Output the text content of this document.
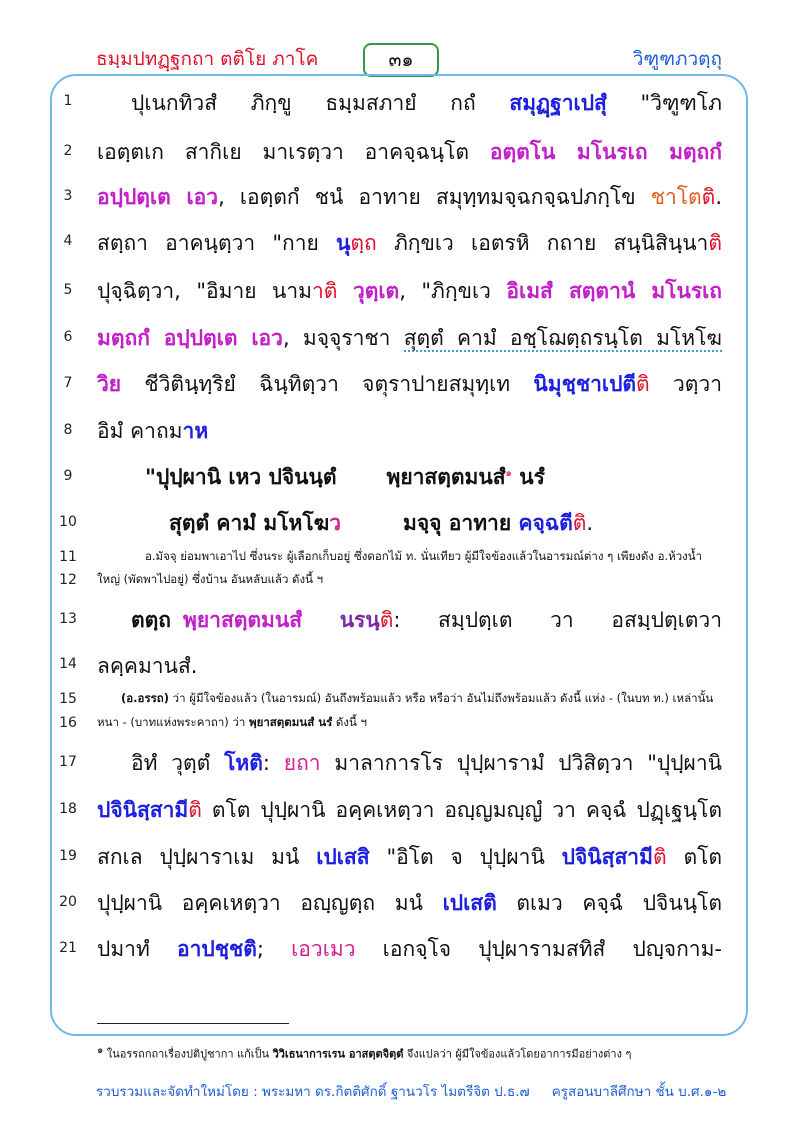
ธมฺมปทฏฺฐกถา ตติโย ภาโค	๓๑	วิฑูฑภวตฺถุ
1
2
3
4
5
6
7
8
9
10
11
12
13
14
15
16
17
18
19
20
21
ปุเนกทิวสํ ภิกฺขู ธมฺมสภายํ กถํ สมุฏฺฐาเปสุํ "วิฑูฑโภ
เอตฺตเก สากิเย มาเรตฺวา อาคจฺฉนฺโต อตฺตโน มโนรเถ มตฺถกํ
อปฺปตฺเต เอว, เอตฺตกํ ชนํ อาทาย สมุทฺทมจฺฉกจฺฉปภกฺโข ชาโตติ.
สตฺถา อาคนฺตฺวา "กาย นุตฺถ ภิกฺขเว เอตรหิ กถาย สนฺนิสินฺนาติ
ปุจฺฉิตฺวา, "อิมาย นามาติ วุตฺเต, "ภิกฺขเว อิเมสํ สตฺตานํ มโนรเถ
มตฺถกํ อปฺปตฺเต เอว, มจฺจุราชา สุตฺตํ คามํ อชฺโฌตฺถรนฺโต มโหโฆ
วิย ชีวิตินฺทฺริยํ ฉินฺทิตฺวา จตุราปายสมุทฺเท นิมุชฺชาเปตีติ วตฺวา
อิมํ คาถมาห
"ปุปฺผานิ เหว ปจินนฺตํ พฺยาสตฺตมนสํ$^๑$ นรํ
สุตฺตํ คามํ มโหโฆว	มจฺจุ อาทาย คจฺฉตีติ.
อ.มัจจุ ย่อมพาเอาไป ซึ่งนระ ผู้เลือกเก็บอยู่ ซึ่งดอกไม้ ท. นั่นเทียว ผู้มีใจข้องแล้วในอารมณ์ต่าง ๆ เพียงดัง อ.ห้วงน้ำ
ใหญ่ (พัดพาไปอยู่) ซึ่งบ้าน อันหลับแล้ว ดังนี้ ฯ
ตตฺถ พฺยาสตฺตมนสํ นรนฺติ: สมฺปตฺเต วา อสมฺปตฺเตวา
ลคฺคมานสํ.
(อ.อรรถ) ว่า ผู้มีใจข้องแล้ว (ในอารมณ์) อันถึงพร้อมแล้ว หรือ หรือว่า อันไม่ถึงพร้อมแล้ว ดังนี้ แห่ง - (ในบท ท.) เหล่านั้น
หนา - (บาทแห่งพระคาถา) ว่า พฺยาสตฺตมนสํ นรํ ดังนี้ ฯ
อิทํ วุตฺตํ โหติ: ยถา มาลาการโร ปุปฺผารามํ ปวิสิตฺวา "ปุปฺผานิ
ปจินิสฺสามีติ ตโต ปุปฺผานิ อคฺคเหตฺวา อญฺญมญฺญํ วา คจฺฉํ ปฏฺเฐนฺโต
สกเล ปุปฺผาราเม มนํ เปเสสิ "อิโต จ ปุปฺผานิ ปจินิสฺสามีติ ตโต
ปุปฺผานิ อคฺคเหตฺวา อญฺญตฺถ มนํ เปเสติ ตเมว คจฺฉํ ปจินนฺโต
ปมาทํ อาปชฺชติ; เอวเมว เอกจฺโจ ปุปฺผารามสทิสํ ปญฺจกาม-
$^๑$ ในอรรถกถาเรื่องปติปูชากา แก้เป็น วิวิเธนาการเรน อาสตฺตจิตฺตํ จึงแปลว่า ผู้มีใจข้องแล้วโดยอาการมีอย่างต่าง ๆ
รวบรวมและจัดทำใหม่โดย : พระมหา ดร.กิตติศักดิ์ ฐานวโร ไมตรีจิต ป.ธ.๗ ครูสอนบาลีศึกษา ชั้น บ.ศ.๑-๒
